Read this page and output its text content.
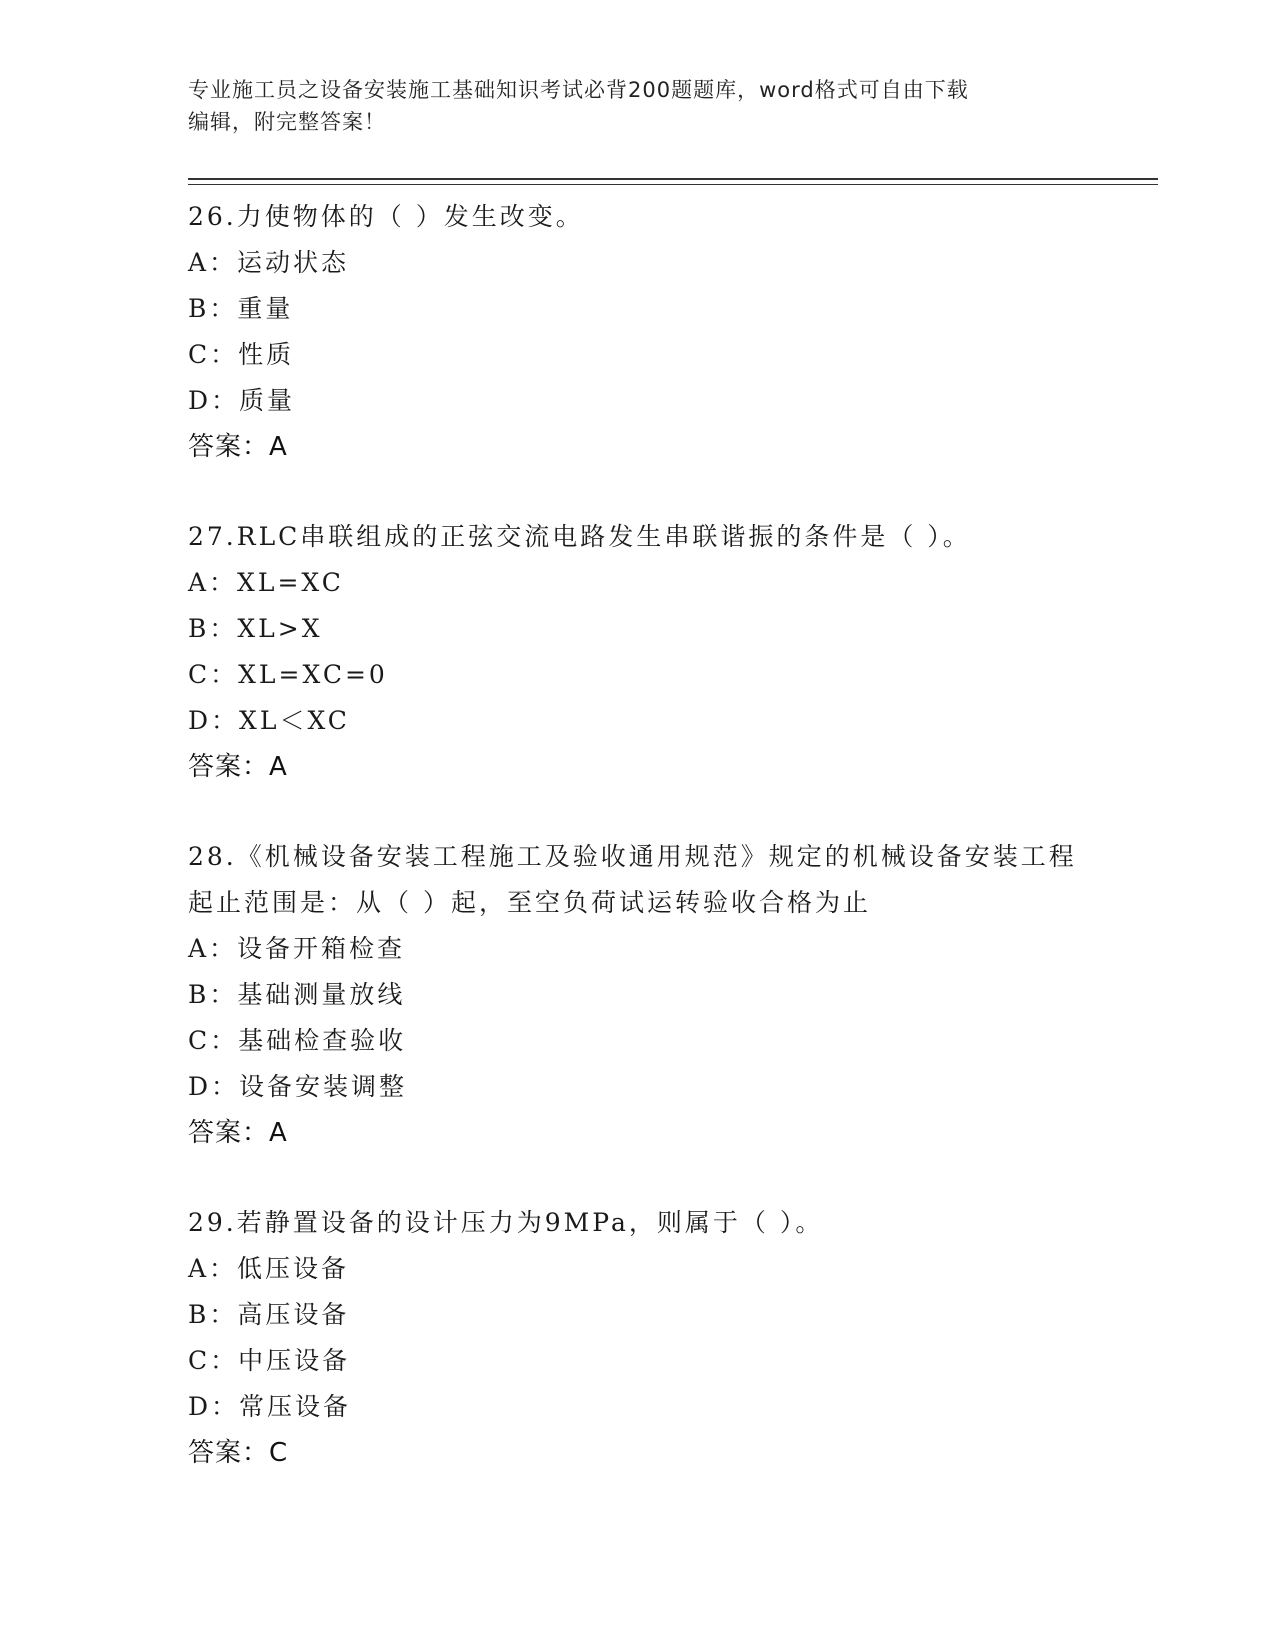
专业施工员之设备安装施工基础知识考试必背200题题库，word格式可自由下载
编辑，附完整答案！
26.力使物体的（ ）发生改变。
A：运动状态
B：重量
C：性质
D：质量
答案：A
27.RLC串联组成的正弦交流电路发生串联谐振的条件是（ ）。
A：XL=XC
B：XL>X
C：XL=XC=0
D：XL＜XC
答案：A
28.《机械设备安装工程施工及验收通用规范》规定的机械设备安装工程起止范围是：从（ ）起，至空负荷试运转验收合格为止
A：设备开箱检查
B：基础测量放线
C：基础检查验收
D：设备安装调整
答案：A
29.若静置设备的设计压力为9MPa，则属于（ ）。
A：低压设备
B：高压设备
C：中压设备
D：常压设备
答案：C
